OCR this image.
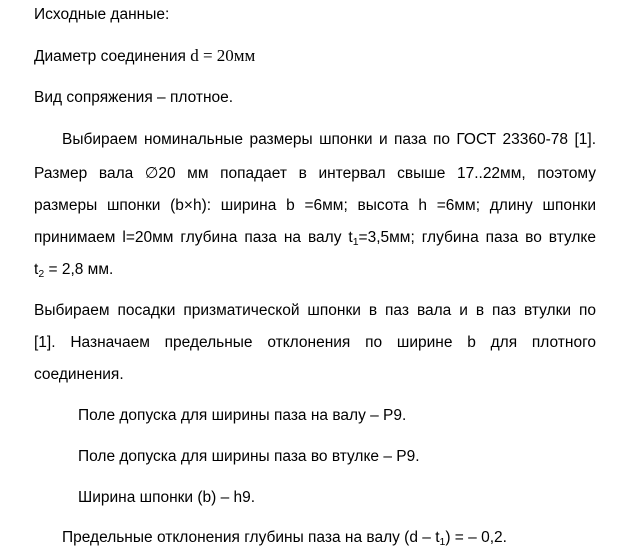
Исходные данные:
Диаметр соединения d = 20мм
Вид сопряжения – плотное.
Выбираем номинальные размеры шпонки и паза по ГОСТ 23360-78 [1].
Размер вала ∅20 мм попадает в интервал свыше 17..22мм, поэтому
размеры шпонки (b×h): ширина b =6мм; высота h =6мм; длину шпонки
принимаем l=20мм глубина паза на валу $t_1=3,5мм$; глубина паза во втулке
$t_2 = 2,8$ мм.
Выбираем посадки призматической шпонки в паз вала и в паз втулки по
[1]. Назначаем предельные отклонения по ширине b для плотного
соединения.
Поле допуска для ширины паза на валу – Р9.
Поле допуска для ширины паза во втулке – Р9.
Ширина шпонки (b) – h9.
Предельные отклонения глубины паза на валу $(d - t_1)$ = – 0,2.
